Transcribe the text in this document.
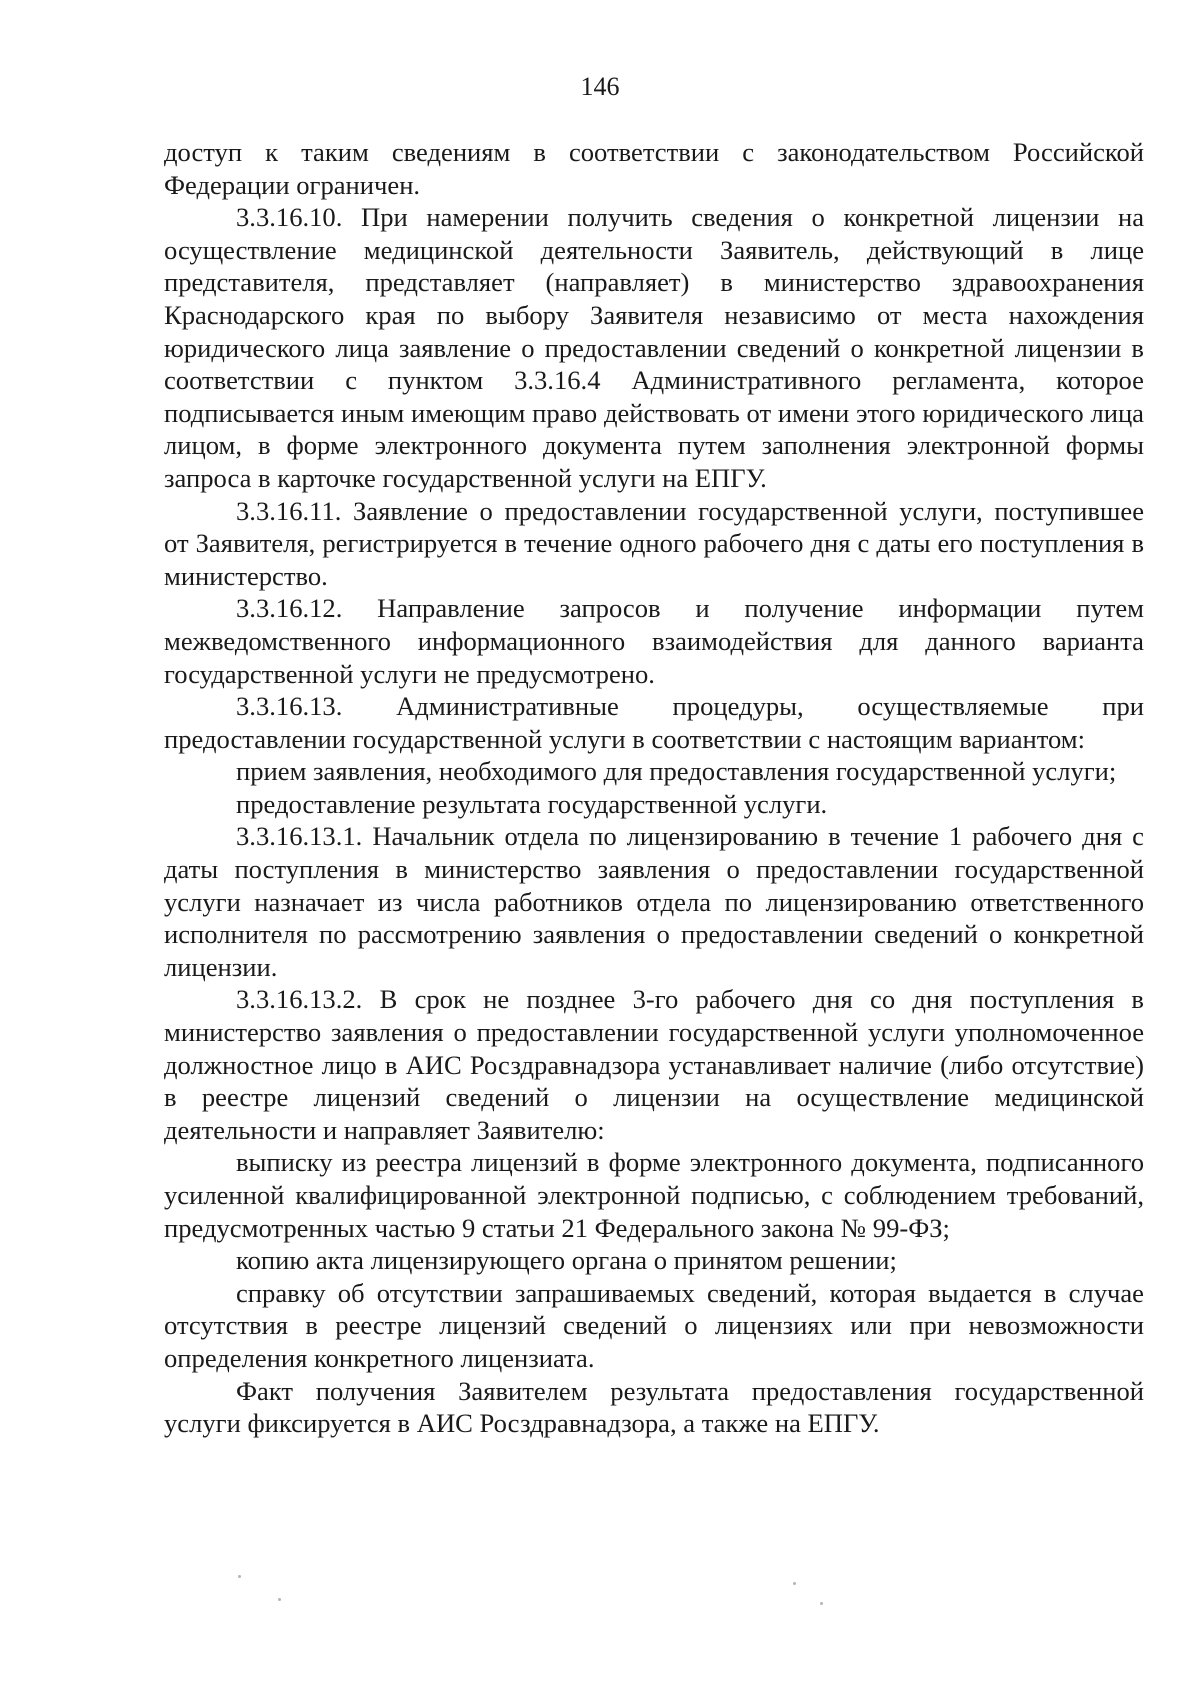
146

доступ к таким сведениям в соответствии с законодательством Российской Федерации ограничен.

3.3.16.10. При намерении получить сведения о конкретной лицензии на осуществление медицинской деятельности Заявитель, действующий в лице представителя, представляет (направляет) в министерство здравоохранения Краснодарского края по выбору Заявителя независимо от места нахождения юридического лица заявление о предоставлении сведений о конкретной лицензии в соответствии с пунктом 3.3.16.4 Административного регламента, которое подписывается иным имеющим право действовать от имени этого юридического лица лицом, в форме электронного документа путем заполнения электронной формы запроса в карточке государственной услуги на ЕПГУ.

3.3.16.11. Заявление о предоставлении государственной услуги, поступившее от Заявителя, регистрируется в течение одного рабочего дня с даты его поступления в министерство.

3.3.16.12. Направление запросов и получение информации путем межведомственного информационного взаимодействия для данного варианта государственной услуги не предусмотрено.

3.3.16.13. Административные процедуры, осуществляемые при предоставлении государственной услуги в соответствии с настоящим вариантом:

прием заявления, необходимого для предоставления государственной услуги;

предоставление результата государственной услуги.

3.3.16.13.1. Начальник отдела по лицензированию в течение 1 рабочего дня с даты поступления в министерство заявления о предоставлении государственной услуги назначает из числа работников отдела по лицензированию ответственного исполнителя по рассмотрению заявления о предоставлении сведений о конкретной лицензии.

3.3.16.13.2. В срок не позднее 3-го рабочего дня со дня поступления в министерство заявления о предоставлении государственной услуги уполномоченное должностное лицо в АИС Росздравнадзора устанавливает наличие (либо отсутствие) в реестре лицензий сведений о лицензии на осуществление медицинской деятельности и направляет Заявителю:

выписку из реестра лицензий в форме электронного документа, подписанного усиленной квалифицированной электронной подписью, с соблюдением требований, предусмотренных частью 9 статьи 21 Федерального закона № 99-ФЗ;

копию акта лицензирующего органа о принятом решении;

справку об отсутствии запрашиваемых сведений, которая выдается в случае отсутствия в реестре лицензий сведений о лицензиях или при невозможности определения конкретного лицензиата.

Факт получения Заявителем результата предоставления государственной услуги фиксируется в АИС Росздравнадзора, а также на ЕПГУ.
